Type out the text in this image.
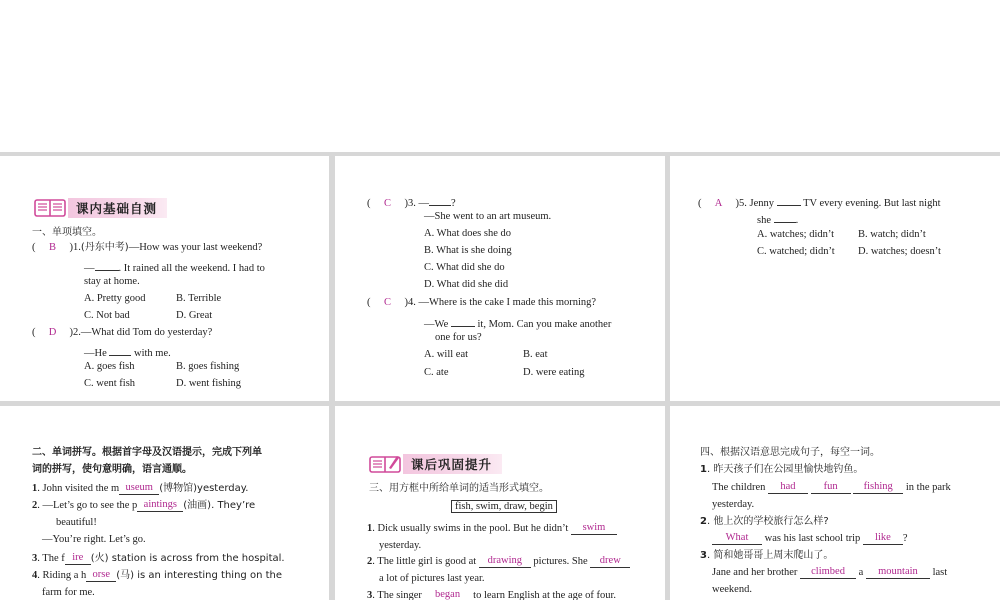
课内基础自测
一、单项填空。
( B )1.(丹东中考)—How was your last weekend?
— . It rained all the weekend. I had to
stay at home.
A. Pretty good	B. Terrible
C. Not bad	D. Great
( D )2.—What did Tom do yesterday?
—He	with me.
A. goes fish	B. goes fishing
C. went fish	D. went fishing
( C )3. — ?
—She went to an art museum.
A. What does she do
B. What is she doing
C. What did she do
D. What did she did
( C )4. —Where is the cake I made this morning?
—We	it, Mom. Can you make another
one for us?
A. will eat	B. eat
C. ate	D. were eating
( A )5. Jenny	TV every evening. But last night
she .
A. watches; didn’t B. watch; didn’t
C. watched; didn’t D. watches; doesn’t
二、单词拼写。根据首字母及汉语提示，完成下列单
词的拼写，使句意明确，语言通顺。
1. John visited the m useum (博物馆)yesterday.
2. —Let’s go to see the p aintings (油画). They’re
beautiful!
—You’re right. Let’s go.
3. The f ire (火) station is across from the hospital.
4. Riding a h orse (马) is an interesting thing on the
farm for me.
课后巩固提升
三、用方框中所给单词的适当形式填空。
fish, swim, draw, begin
1. Dick usually swims in the pool. But he didn’t swim
yesterday.
2. The little girl is good at drawing pictures. She drew
a lot of pictures last year.
3. The singer began to learn English at the age of four.
四、根据汉语意思完成句子，每空一词。
1. 昨天孩子们在公园里愉快地钓鱼。
The children had	fun fishing in the park
yesterday.
2. 他上次的学校旅行怎么样?
What was his last school trip like ?
3. 简和她哥哥上周末爬山了。
Jane and her brother climbed a mountain last
weekend.
